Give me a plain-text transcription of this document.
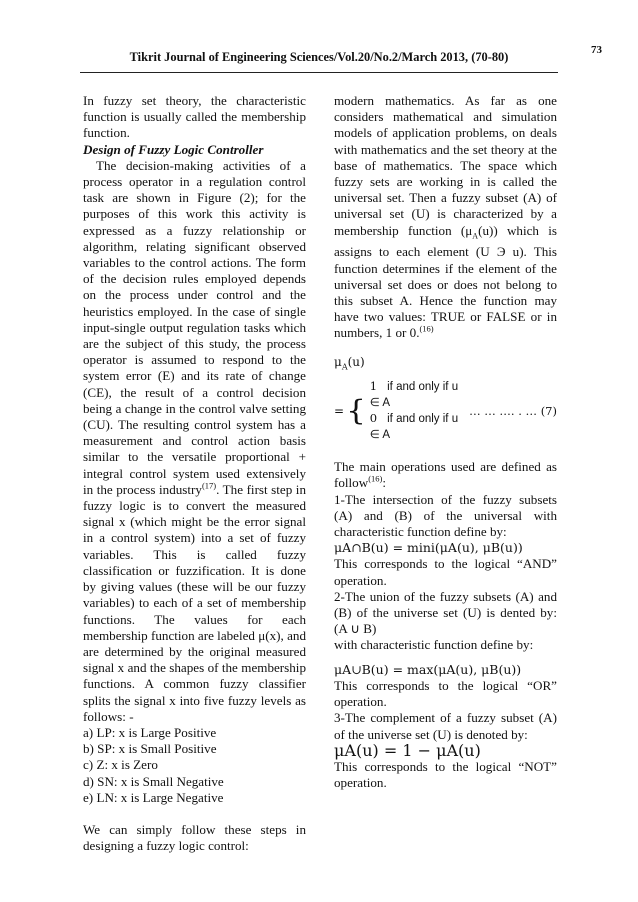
73
Tikrit Journal of Engineering Sciences/Vol.20/No.2/March 2013, (70-80)

In fuzzy set theory, the characteristic function is usually called the membership function.

Design of Fuzzy Logic Controller

The decision-making activities of a process operator in a regulation control task are shown in Figure (2); for the purposes of this work this activity is expressed as a fuzzy relationship or algorithm, relating significant observed variables to the control actions. The form of the decision rules employed depends on the process under control and the heuristics employed. In the case of single input-single output regulation tasks which are the subject of this study, the process operator is assumed to respond to the system error (E) and its rate of change (CE), the result of a control decision being a change in the control valve setting (CU). The resulting control system has a measurement and control action basis similar to the versatile proportional + integral control system used extensively in the process industry$^{(17)}$. The first step in fuzzy logic is to convert the measured signal x (which might be the error signal in a control system) into a set of fuzzy variables. This is called fuzzy classification or fuzzification. It is done by giving values (these will be our fuzzy variables) to each of a set of membership functions. The values for each membership function are labeled μ(x), and are determined by the original measured signal x and the shapes of the membership functions. A common fuzzy classifier splits the signal x into five fuzzy levels as follows: -

a) LP: x is Large Positive

b) SP: x is Small Positive

c) Z: x is Zero

d) SN: x is Small Negative

e) LN: x is Large Negative

We can simply follow these steps in designing a fuzzy logic control:

modern mathematics. As far as one considers mathematical and simulation models of application problems, on deals with mathematics and the set theory at the base of mathematics. The space which fuzzy sets are working in is called the universal set. Then a fuzzy subset (A) of universal set (U) is characterized by a membership function $(\mu_A(u))$ which is assigns to each element (U Э u). This function determines if the element of the universal set does or does not belong to this subset A. Hence the function may have two values: TRUE or FALSE or in numbers, 1 or 0.$^{(16)}$

$\mu_A(u)$
= {
1 if and only if u ∈ A
0 if and only if u ∈ A
… … …. . … (7)

The main operations used are defined as follow$^{(16)}$:

1-The intersection of the fuzzy subsets (A) and (B) of the universal with characteristic function define by:

μA∩B(u) = mini(μA(u), μB(u))

This corresponds to the logical “AND” operation.

2-The union of the fuzzy subsets (A) and (B) of the universe set (U) is dented by: (A ∪ B)

with characteristic function define by:

μA∪B(u) = max(μA(u), μB(u))

This corresponds to the logical “OR” operation.

3-The complement of a fuzzy subset (A) of the universe set (U) is denoted by:

μA(u) = 1 − μA(u)

This corresponds to the logical “NOT” operation.
